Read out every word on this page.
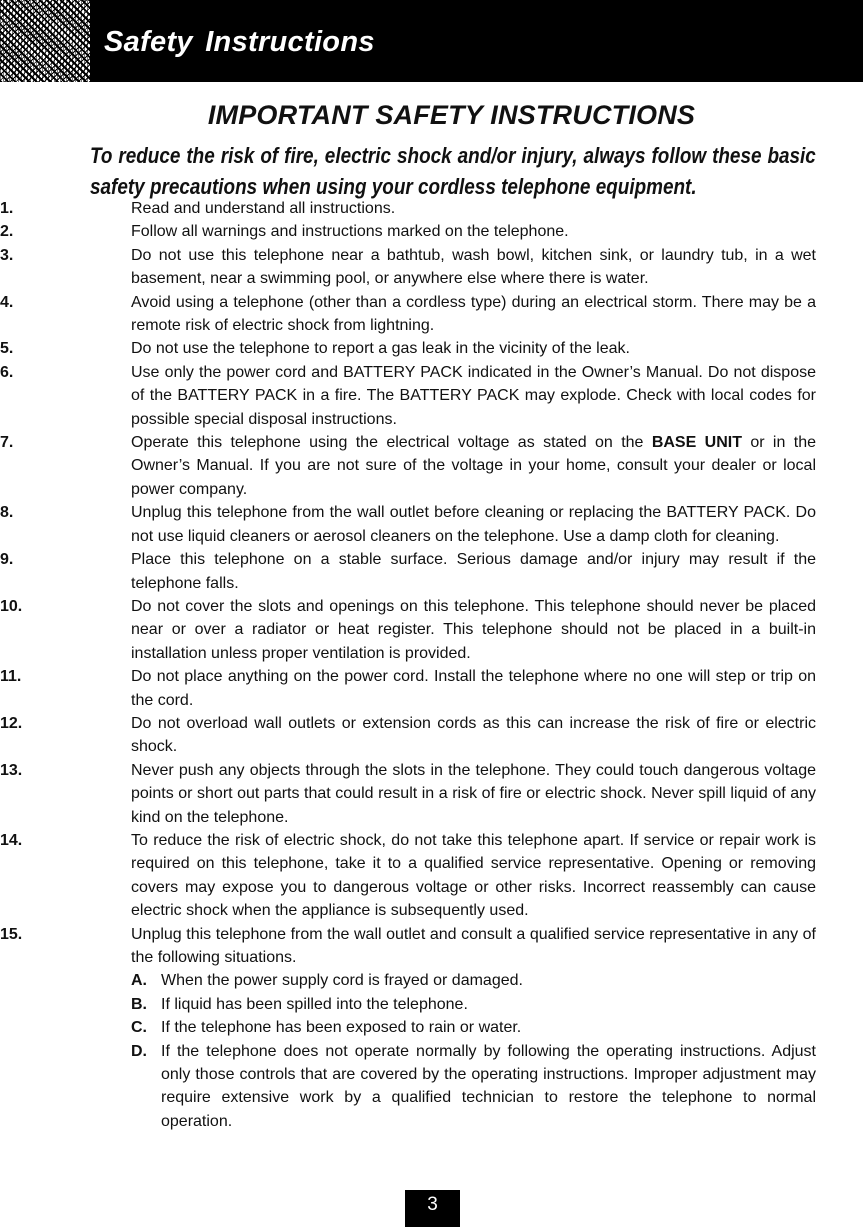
Safety Instructions
IMPORTANT SAFETY INSTRUCTIONS
To reduce the risk of fire, electric shock and/or injury, always follow these basic safety precautions when using your cordless telephone equipment.
1.	Read and understand all instructions.
2.	Follow all warnings and instructions marked on the telephone.
3.	Do not use this telephone near a bathtub, wash bowl, kitchen sink, or laundry tub, in a wet basement, near a swimming pool, or anywhere else where there is water.
4.	Avoid using a telephone (other than a cordless type) during an electrical storm. There may be a remote risk of electric shock from lightning.
5.	Do not use the telephone to report a gas leak in the vicinity of the leak.
6.	Use only the power cord and BATTERY PACK indicated in the Owner’s Manual. Do not dispose of the BATTERY PACK in a fire. The BATTERY PACK may explode. Check with local codes for possible special disposal instructions.
7.	Operate this telephone using the electrical voltage as stated on the BASE UNIT or in the Owner’s Manual. If you are not sure of the voltage in your home, consult your dealer or local power company.
8.	Unplug this telephone from the wall outlet before cleaning or replacing the BATTERY PACK. Do not use liquid cleaners or aerosol cleaners on the telephone. Use a damp cloth for cleaning.
9.	Place this telephone on a stable surface. Serious damage and/or injury may result if the telephone falls.
10.	Do not cover the slots and openings on this telephone. This telephone should never be placed near or over a radiator or heat register. This telephone should not be placed in a built-in installation unless proper ventilation is provided.
11.	Do not place anything on the power cord. Install the telephone where no one will step or trip on the cord.
12.	Do not overload wall outlets or extension cords as this can increase the risk of fire or electric shock.
13.	Never push any objects through the slots in the telephone. They could touch dangerous voltage points or short out parts that could result in a risk of fire or electric shock. Never spill liquid of any kind on the telephone.
14.	To reduce the risk of electric shock, do not take this telephone apart. If service or repair work is required on this telephone, take it to a qualified service representative. Opening or removing covers may expose you to dangerous voltage or other risks. Incorrect reassembly can cause electric shock when the appliance is subsequently used.
15.	Unplug this telephone from the wall outlet and consult a qualified service representative in any of the following situations.
A. When the power supply cord is frayed or damaged.
B. If liquid has been spilled into the telephone.
C. If the telephone has been exposed to rain or water.
D. If the telephone does not operate normally by following the operating instructions. Adjust only those controls that are covered by the operating instructions. Improper adjustment may require extensive work by a qualified technician to restore the telephone to normal operation.
3
